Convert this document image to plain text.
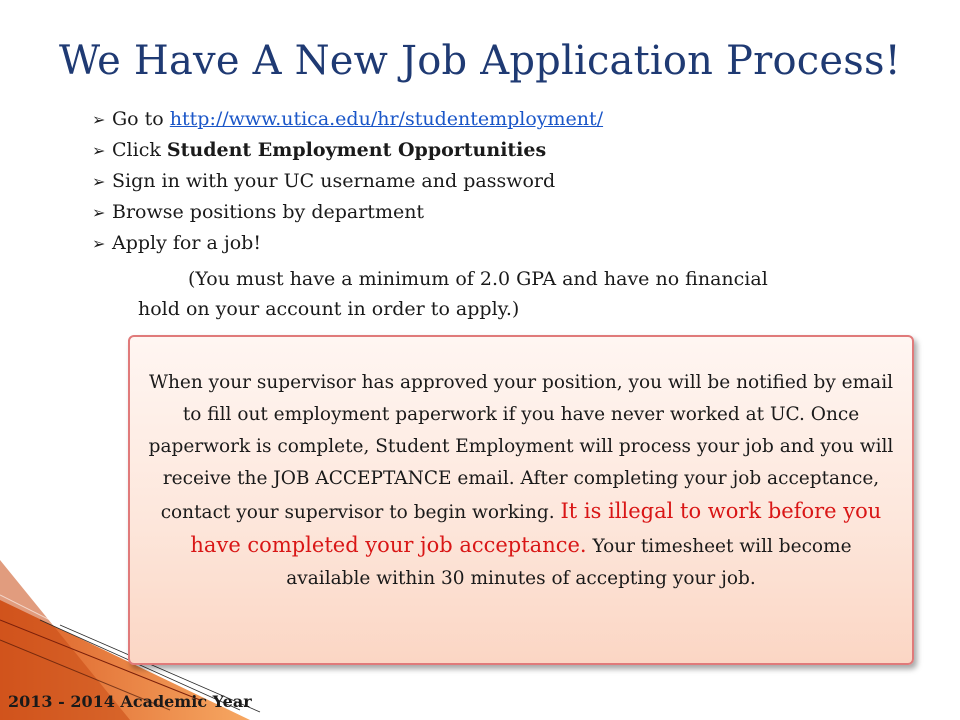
We Have A New Job Application Process!
➢ Go to http://www.utica.edu/hr/studentemployment/
➢ Click Student Employment Opportunities
➢ Sign in with your UC username and password
➢ Browse positions by department
➢ Apply for a job!
(You must have a minimum of 2.0 GPA and have no financial
hold on your account in order to apply.)
When your supervisor has approved your position, you will be notified by email to fill out employment paperwork if you have never worked at UC. Once paperwork is complete, Student Employment will process your job and you will receive the JOB ACCEPTANCE email. After completing your job acceptance, contact your supervisor to begin working. It is illegal to work before you have completed your job acceptance. Your timesheet will become available within 30 minutes of accepting your job.
2013 - 2014 Academic Year
